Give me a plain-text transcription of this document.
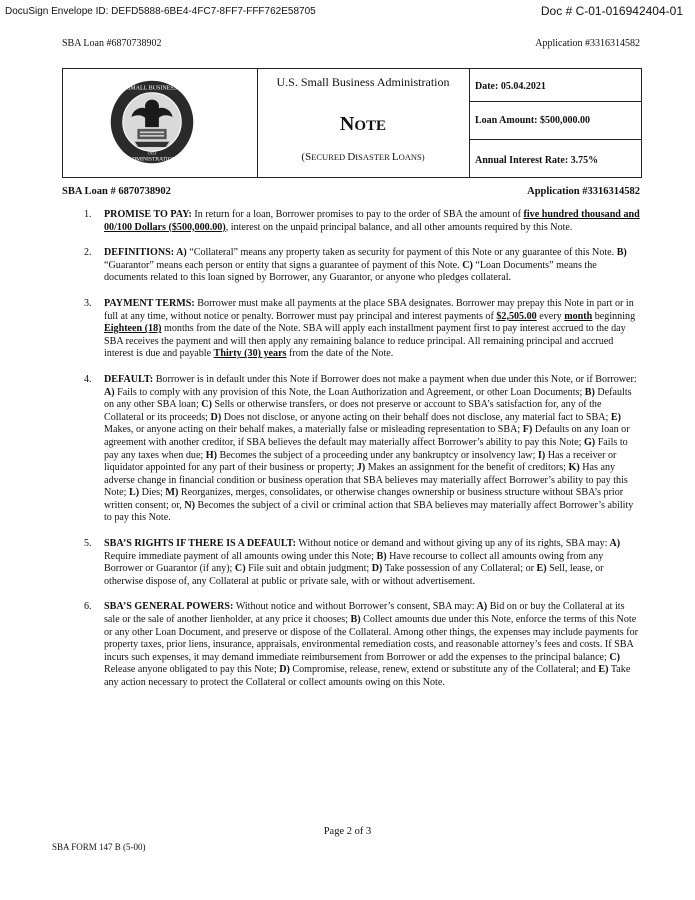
DocuSign Envelope ID: DEFD5888-6BE4-4FC7-8FF7-FFF762E58705	Doc # C-01-016942404-01
SBA Loan #6870738902	Application #3316314582
SMALL BUSINESS
ADMINISTRATION
1953
U.S. Small Business Administration
NOTE
(SECURED DISASTER LOANS)
Date: 05.04.2021
Loan Amount: $500,000.00
Annual Interest Rate: 3.75%
SBA Loan # 6870738902	Application #3316314582
1. PROMISE TO PAY: In return for a loan, Borrower promises to pay to the order of SBA the amount of five hundred thousand and 00/100 Dollars ($500,000.00), interest on the unpaid principal balance, and all other amounts required by this Note.
2. DEFINITIONS: A) “Collateral” means any property taken as security for payment of this Note or any guarantee of this Note. B) “Guarantor” means each person or entity that signs a guarantee of payment of this Note. C) “Loan Documents” means the documents related to this loan signed by Borrower, any Guarantor, or anyone who pledges collateral.
3. PAYMENT TERMS: Borrower must make all payments at the place SBA designates. Borrower may prepay this Note in part or in full at any time, without notice or penalty. Borrower must pay principal and interest payments of $2,505.00 every month beginning Eighteen (18) months from the date of the Note. SBA will apply each installment payment first to pay interest accrued to the day SBA receives the payment and will then apply any remaining balance to reduce principal. All remaining principal and accrued interest is due and payable Thirty (30) years from the date of the Note.
4. DEFAULT: Borrower is in default under this Note if Borrower does not make a payment when due under this Note, or if Borrower: A) Fails to comply with any provision of this Note, the Loan Authorization and Agreement, or other Loan Documents; B) Defaults on any other SBA loan; C) Sells or otherwise transfers, or does not preserve or account to SBA’s satisfaction for, any of the Collateral or its proceeds; D) Does not disclose, or anyone acting on their behalf does not disclose, any material fact to SBA; E) Makes, or anyone acting on their behalf makes, a materially false or misleading representation to SBA; F) Defaults on any loan or agreement with another creditor, if SBA believes the default may materially affect Borrower’s ability to pay this Note; G) Fails to pay any taxes when due; H) Becomes the subject of a proceeding under any bankruptcy or insolvency law; I) Has a receiver or liquidator appointed for any part of their business or property; J) Makes an assignment for the benefit of creditors; K) Has any adverse change in financial condition or business operation that SBA believes may materially affect Borrower’s ability to pay this Note; L) Dies; M) Reorganizes, merges, consolidates, or otherwise changes ownership or business structure without SBA’s prior written consent; or, N) Becomes the subject of a civil or criminal action that SBA believes may materially affect Borrower’s ability to pay this Note.
5. SBA’S RIGHTS IF THERE IS A DEFAULT: Without notice or demand and without giving up any of its rights, SBA may: A) Require immediate payment of all amounts owing under this Note; B) Have recourse to collect all amounts owing from any Borrower or Guarantor (if any); C) File suit and obtain judgment; D) Take possession of any Collateral; or E) Sell, lease, or otherwise dispose of, any Collateral at public or private sale, with or without advertisement.
6. SBA’S GENERAL POWERS: Without notice and without Borrower’s consent, SBA may: A) Bid on or buy the Collateral at its sale or the sale of another lienholder, at any price it chooses; B) Collect amounts due under this Note, enforce the terms of this Note or any other Loan Document, and preserve or dispose of the Collateral. Among other things, the expenses may include payments for property taxes, prior liens, insurance, appraisals, environmental remediation costs, and reasonable attorney’s fees and costs. If SBA incurs such expenses, it may demand immediate reimbursement from Borrower or add the expenses to the principal balance; C) Release anyone obligated to pay this Note; D) Compromise, release, renew, extend or substitute any of the Collateral; and E) Take any action necessary to protect the Collateral or collect amounts owing on this Note.
Page 2 of 3
SBA FORM 147 B (5-00)
